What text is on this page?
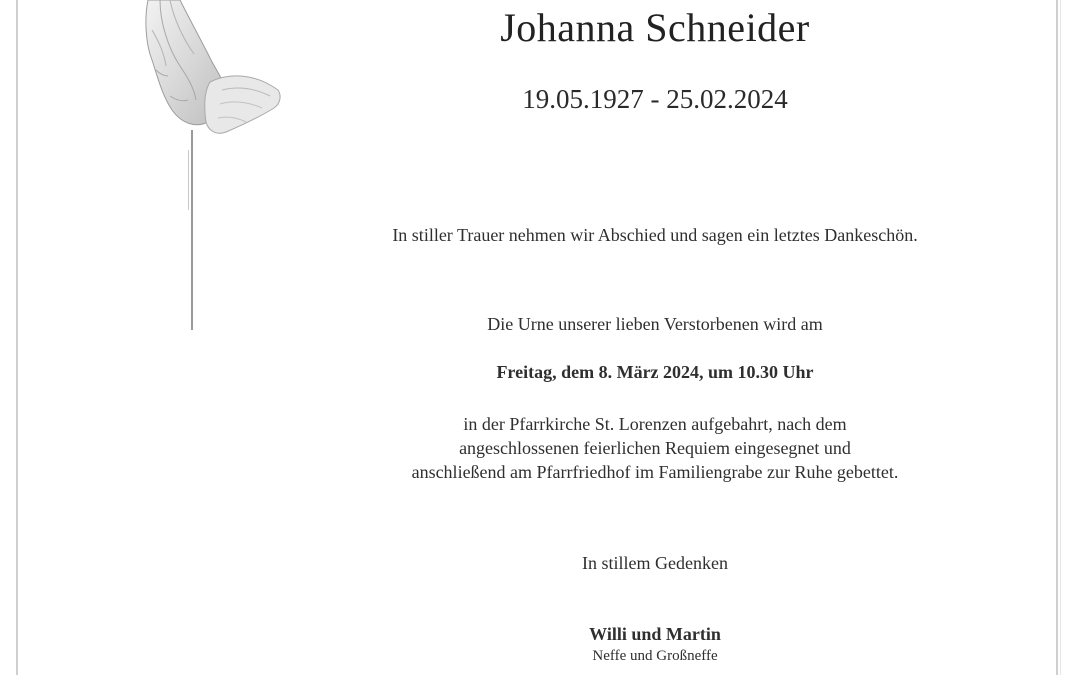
Johanna Schneider
19.05.1927 - 25.02.2024
In stiller Trauer nehmen wir Abschied und sagen ein letztes Dankeschön.
Die Urne unserer lieben Verstorbenen wird am
Freitag, dem 8. März 2024, um 10.30 Uhr
in der Pfarrkirche St. Lorenzen aufgebahrt, nach dem
angeschlossenen feierlichen Requiem eingesegnet und
anschließend am Pfarrfriedhof im Familiengrabe zur Ruhe gebettet.
In stillem Gedenken
Willi und Martin
Neffe und Großneffe
